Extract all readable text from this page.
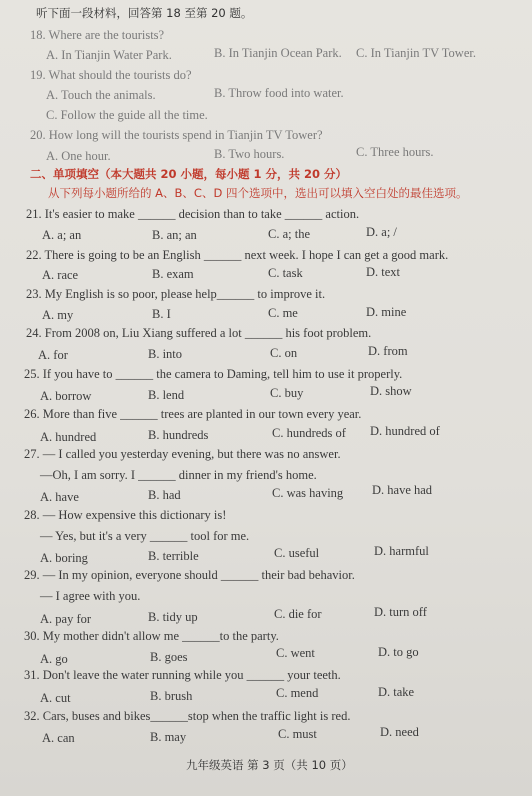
听下面一段材料，回答第 18 至第 20 题。
18. Where are the tourists?
A. In Tianjin Water Park.	B. In Tianjin Ocean Park. C. In Tianjin TV Tower.
19. What should the tourists do?
A. Touch the animals.	B. Throw food into water.
C. Follow the guide all the time.
20. How long will the tourists spend in Tianjin TV Tower?
A. One hour.	B. Two hours.	C. Three hours.
二、单项填空（本大题共 20 小题，每小题 1 分，共 20 分）
从下列每小题所给的 A、B、C、D 四个选项中，选出可以填入空白处的最佳选项。
21. It's easier to make ______ decision than to take ______ action.
A. a; an	B. an; an	C. a; the	D. a; /
22. There is going to be an English ______ next week. I hope I can get a good mark.
A. race	B. exam	C. task	D. text
23. My English is so poor, please help______ to improve it.
A. my	B. I	C. me	D. mine
24. From 2008 on, Liu Xiang suffered a lot ______ his foot problem.
A. for	B. into	C. on	D. from
25. If you have to ______ the camera to Daming, tell him to use it properly.
A. borrow	B. lend	C. buy	D. show
26. More than five ______ trees are planted in our town every year.
A. hundred	B. hundreds	C. hundreds of D. hundred of
27. — I called you yesterday evening, but there was no answer.
—Oh, I am sorry. I ______ dinner in my friend's home.
A. have	B. had	C. was having D. have had
28. — How expensive this dictionary is!
— Yes, but it's a very ______ tool for me.
A. boring	B. terrible	C. useful	D. harmful
29. — In my opinion, everyone should ______ their bad behavior.
— I agree with you.
A. pay for	B. tidy up	C. die for	D. turn off
30. My mother didn't allow me ______to the party.
A. go	B. goes	C. went	D. to go
31. Don't leave the water running while you ______ your teeth.
A. cut	B. brush	C. mend	D. take
32. Cars, buses and bikes______stop when the traffic light is red.
A. can	B. may	C. must	D. need
九年级英语 第 3 页（共 10 页）
